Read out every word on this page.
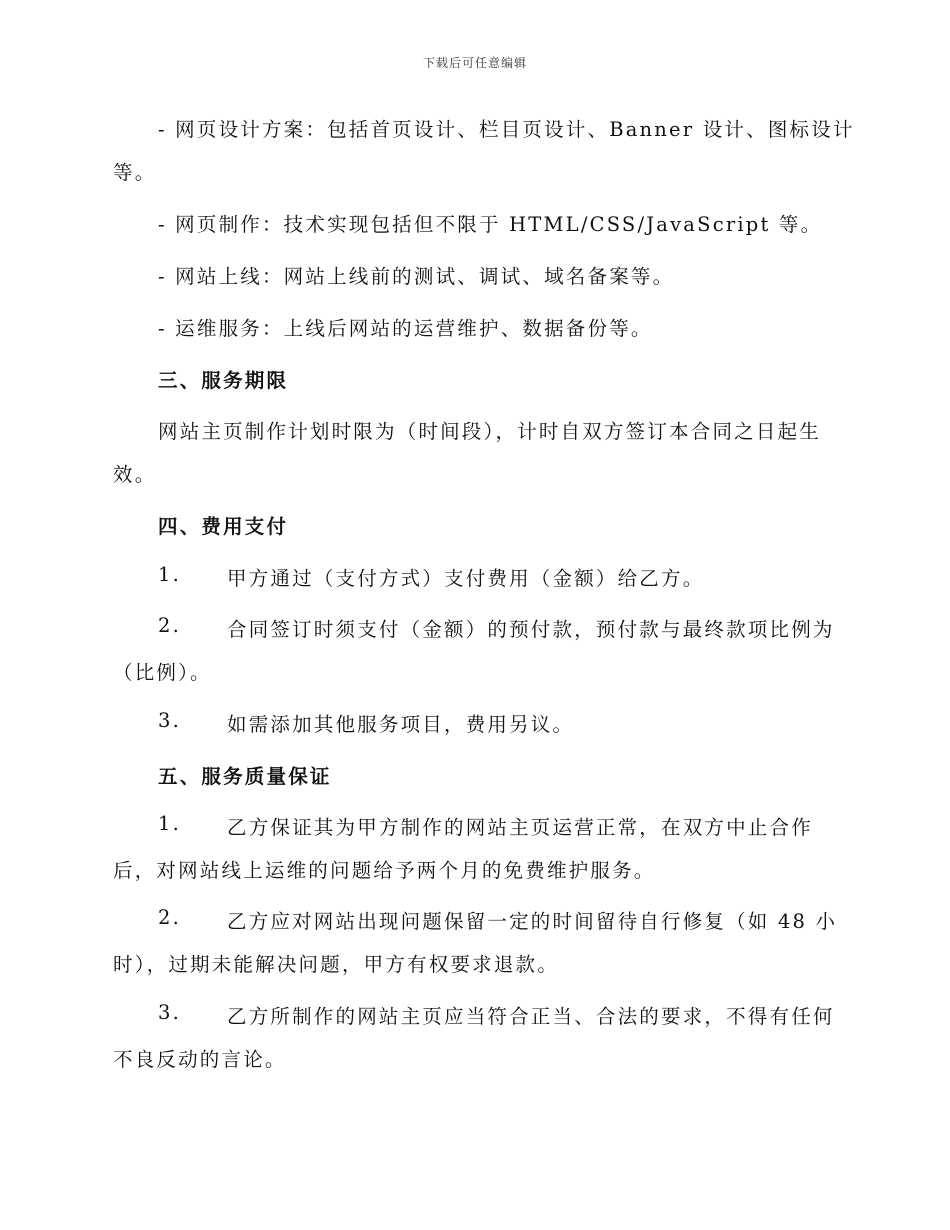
下载后可任意编辑
- 网页设计方案：包括首页设计、栏目页设计、Banner 设计、图标设计
等。
- 网页制作：技术实现包括但不限于 HTML/CSS/JavaScript 等。
- 网站上线：网站上线前的测试、调试、域名备案等。
- 运维服务：上线后网站的运营维护、数据备份等。
三、服务期限
网站主页制作计划时限为（时间段），计时自双方签订本合同之日起生
效。
四、费用支付
1. 甲方通过（支付方式）支付费用（金额）给乙方。
2. 合同签订时须支付（金额）的预付款，预付款与最终款项比例为
（比例）。
3. 如需添加其他服务项目，费用另议。
五、服务质量保证
1. 乙方保证其为甲方制作的网站主页运营正常，在双方中止合作
后，对网站线上运维的问题给予两个月的免费维护服务。
2. 乙方应对网站出现问题保留一定的时间留待自行修复（如 48 小
时），过期未能解决问题，甲方有权要求退款。
3. 乙方所制作的网站主页应当符合正当、合法的要求，不得有任何
不良反动的言论。
